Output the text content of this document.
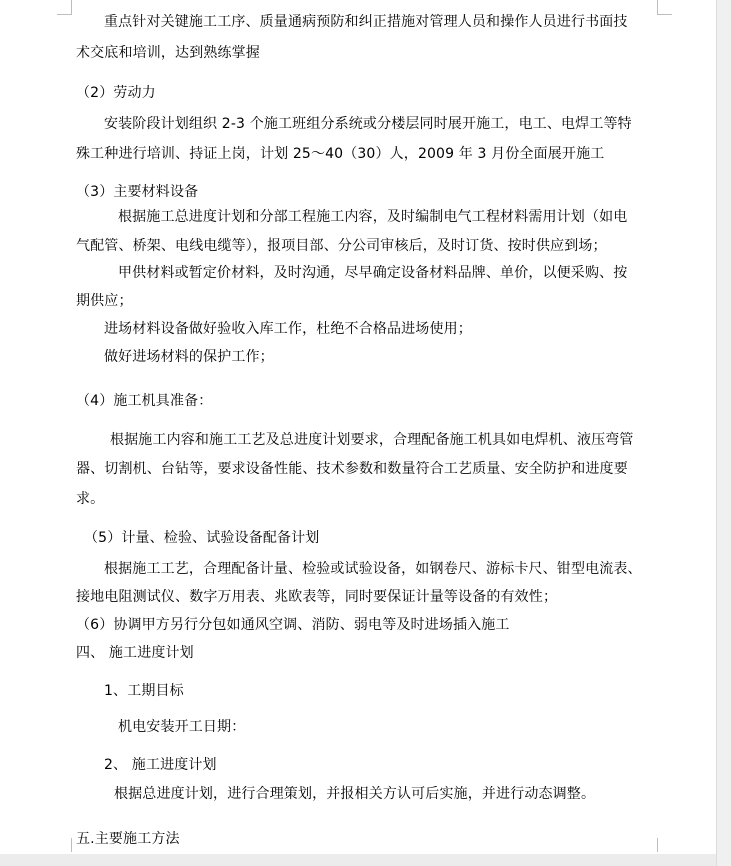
重点针对关键施工工序、质量通病预防和纠正措施对管理人员和操作人员进行书面技
术交底和培训，达到熟练掌握
（2）劳动力
安装阶段计划组织 2-3 个施工班组分系统或分楼层同时展开施工，电工、电焊工等特
殊工种进行培训、持证上岗，计划 25～40（30）人，2009 年 3 月份全面展开施工
（3）主要材料设备
根据施工总进度计划和分部工程施工内容，及时编制电气工程材料需用计划（如电
气配管、桥架、电线电缆等），报项目部、分公司审核后，及时订货、按时供应到场；
甲供材料或暂定价材料，及时沟通，尽早确定设备材料品牌、单价，以便采购、按
期供应；
进场材料设备做好验收入库工作，杜绝不合格品进场使用；
做好进场材料的保护工作；
（4）施工机具准备：
根据施工内容和施工工艺及总进度计划要求，合理配备施工机具如电焊机、液压弯管
器、切割机、台钻等，要求设备性能、技术参数和数量符合工艺质量、安全防护和进度要
求。
（5）计量、检验、试验设备配备计划
根据施工工艺，合理配备计量、检验或试验设备，如钢卷尺、游标卡尺、钳型电流表、
接地电阻测试仪、数字万用表、兆欧表等，同时要保证计量等设备的有效性；
（6）协调甲方另行分包如通风空调、消防、弱电等及时进场插入施工
四、 施工进度计划
1、工期目标
机电安装开工日期：
2、 施工进度计划
根据总进度计划，进行合理策划，并报相关方认可后实施，并进行动态调整。
五.主要施工方法
